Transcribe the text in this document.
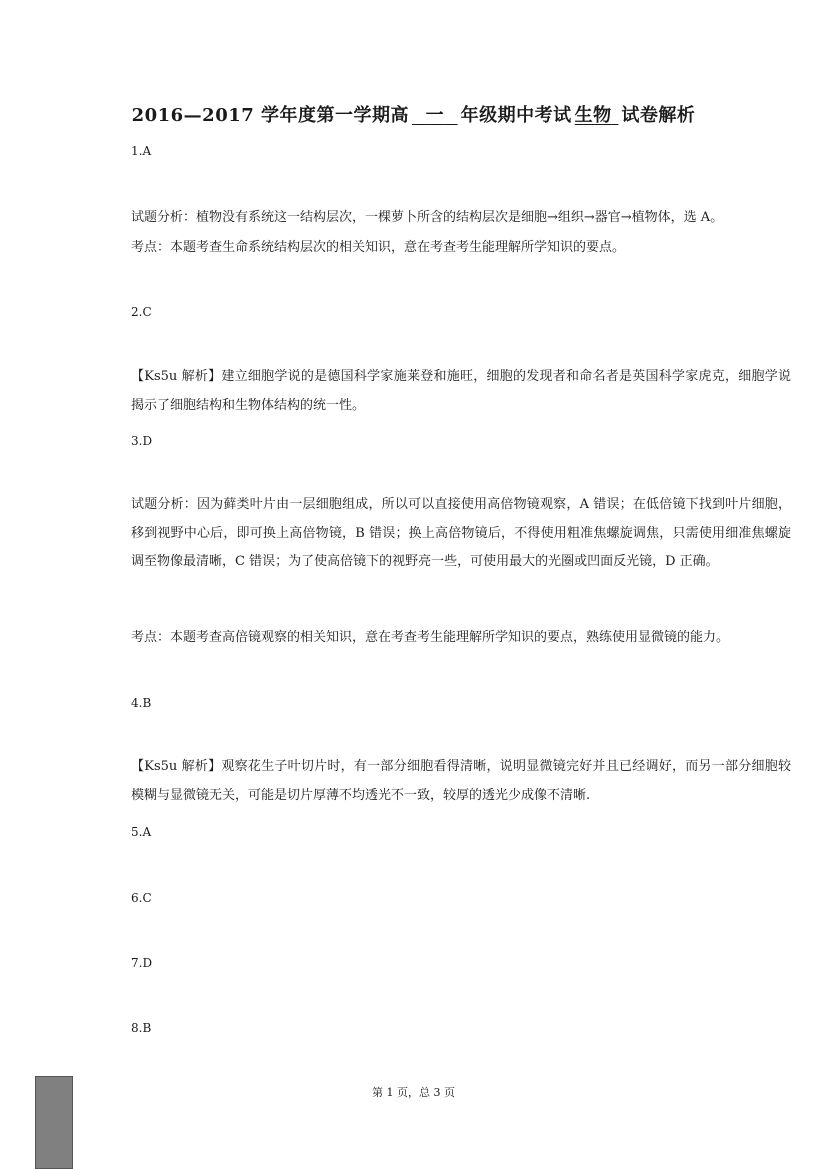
2016—2017 学年度第一学期高 一 年级期中考试 生物 试卷解析
1.A
试题分析：植物没有系统这一结构层次，一棵萝卜所含的结构层次是细胞→组织→器官→植物体，选 A。
考点：本题考查生命系统结构层次的相关知识，意在考查考生能理解所学知识的要点。
2.C
【Ks5u 解析】建立细胞学说的是德国科学家施莱登和施旺，细胞的发现者和命名者是英国科学家虎克，细胞学说揭示了细胞结构和生物体结构的统一性。
3.D
试题分析：因为藓类叶片由一层细胞组成，所以可以直接使用高倍物镜观察，A 错误；在低倍镜下找到叶片细胞，移到视野中心后，即可换上高倍物镜，B 错误；换上高倍物镜后，不得使用粗准焦螺旋调焦，只需使用细准焦螺旋调至物像最清晰，C 错误；为了使高倍镜下的视野亮一些，可使用最大的光圈或凹面反光镜，D 正确。
考点：本题考查高倍镜观察的相关知识，意在考查考生能理解所学知识的要点，熟练使用显微镜的能力。
4.B
【Ks5u 解析】观察花生子叶切片时，有一部分细胞看得清晰，说明显微镜完好并且已经调好，而另一部分细胞较模糊与显微镜无关，可能是切片厚薄不均透光不一致，较厚的透光少成像不清晰.
5.A
6.C
7.D
8.B
第 1 页，总 3 页
